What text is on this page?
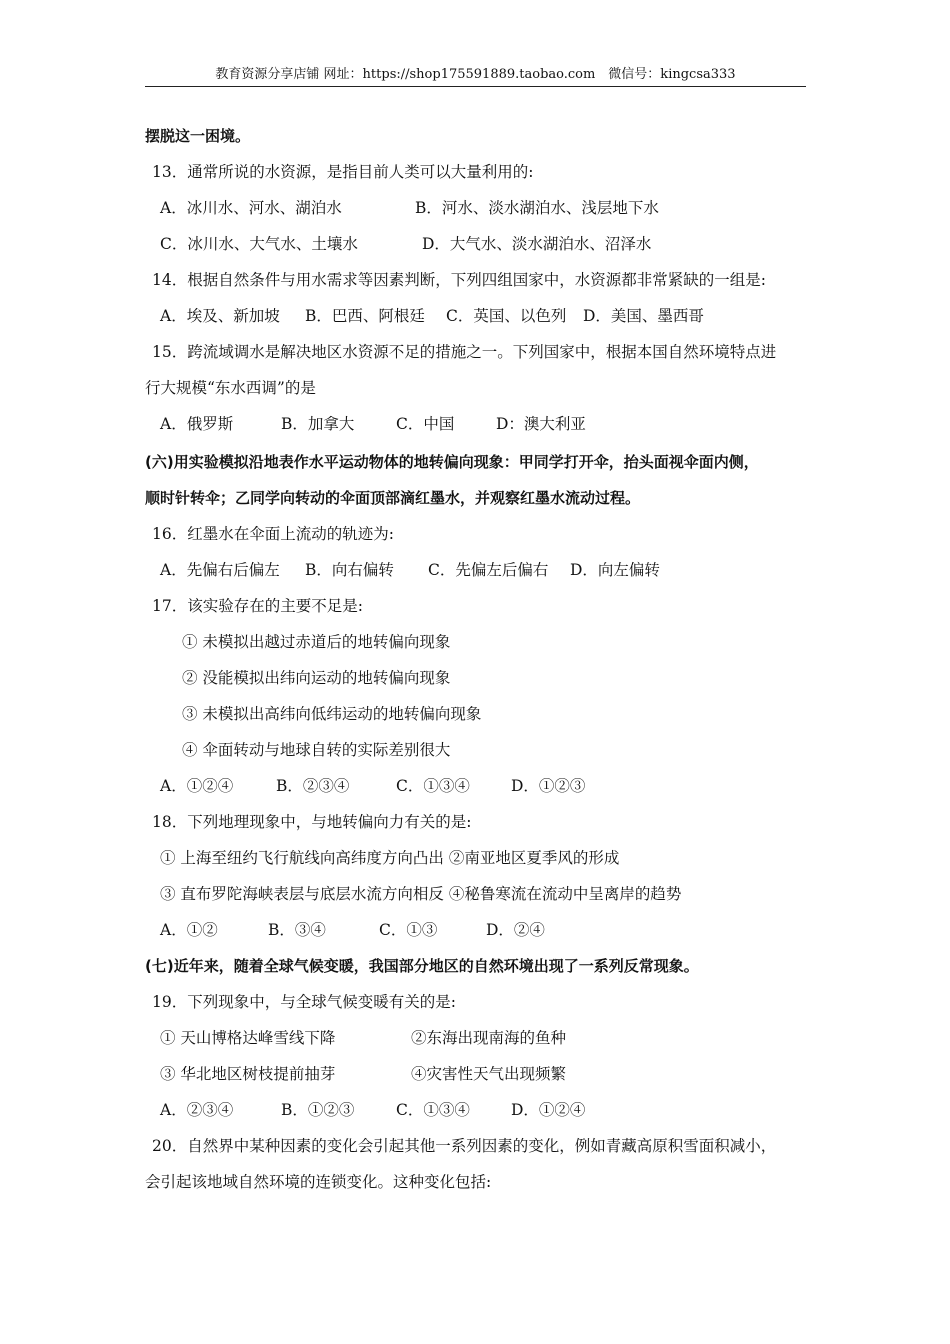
教育资源分享店铺 网址：https://shop175591889.taobao.com　微信号：kingcsa333
摆脱这一困境。
13．通常所说的水资源，是指目前人类可以大量利用的:
A．冰川水、河水、湖泊水	B．河水、淡水湖泊水、浅层地下水
C．冰川水、大气水、土壤水	D．大气水、淡水湖泊水、沼泽水
14．根据自然条件与用水需求等因素判断，下列四组国家中，水资源都非常紧缺的一组是:
A．埃及、新加坡 B．巴西、阿根廷 C．英国、以色列 D．美国、墨西哥
15．跨流域调水是解决地区水资源不足的措施之一。下列国家中，根据本国自然环境特点进
行大规模“东水西调”的是
A．俄罗斯	B．加拿大	C．中国	D：澳大利亚
(六)用实验模拟沿地表作水平运动物体的地转偏向现象：甲同学打开伞，抬头面视伞面内侧，
顺时针转伞；乙同学向转动的伞面顶部滴红墨水，并观察红墨水流动过程。
16．红墨水在伞面上流动的轨迹为:
A．先偏右后偏左 B．向右偏转 C．先偏左后偏右 D．向左偏转
17．该实验存在的主要不足是:
① 未模拟出越过赤道后的地转偏向现象
② 没能模拟出纬向运动的地转偏向现象
③ 未模拟出高纬向低纬运动的地转偏向现象
④ 伞面转动与地球自转的实际差别很大
A．①②④	B．②③④	C．①③④	D．①②③
18．下列地理现象中，与地转偏向力有关的是:
① 上海至纽约飞行航线向高纬度方向凸出 ②南亚地区夏季风的形成
③ 直布罗陀海峡表层与底层水流方向相反 ④秘鲁寒流在流动中呈离岸的趋势
A．①②	B．③④	C．①③	D．②④
(七)近年来，随着全球气候变暖，我国部分地区的自然环境出现了一系列反常现象。
19．下列现象中，与全球气候变暖有关的是:
① 天山博格达峰雪线下降	②东海出现南海的鱼种
③ 华北地区树枝提前抽芽	④灾害性天气出现频繁
A．②③④	B．①②③	C．①③④	D．①②④
20．自然界中某种因素的变化会引起其他一系列因素的变化，例如青藏高原积雪面积减小，
会引起该地域自然环境的连锁变化。这种变化包括:
